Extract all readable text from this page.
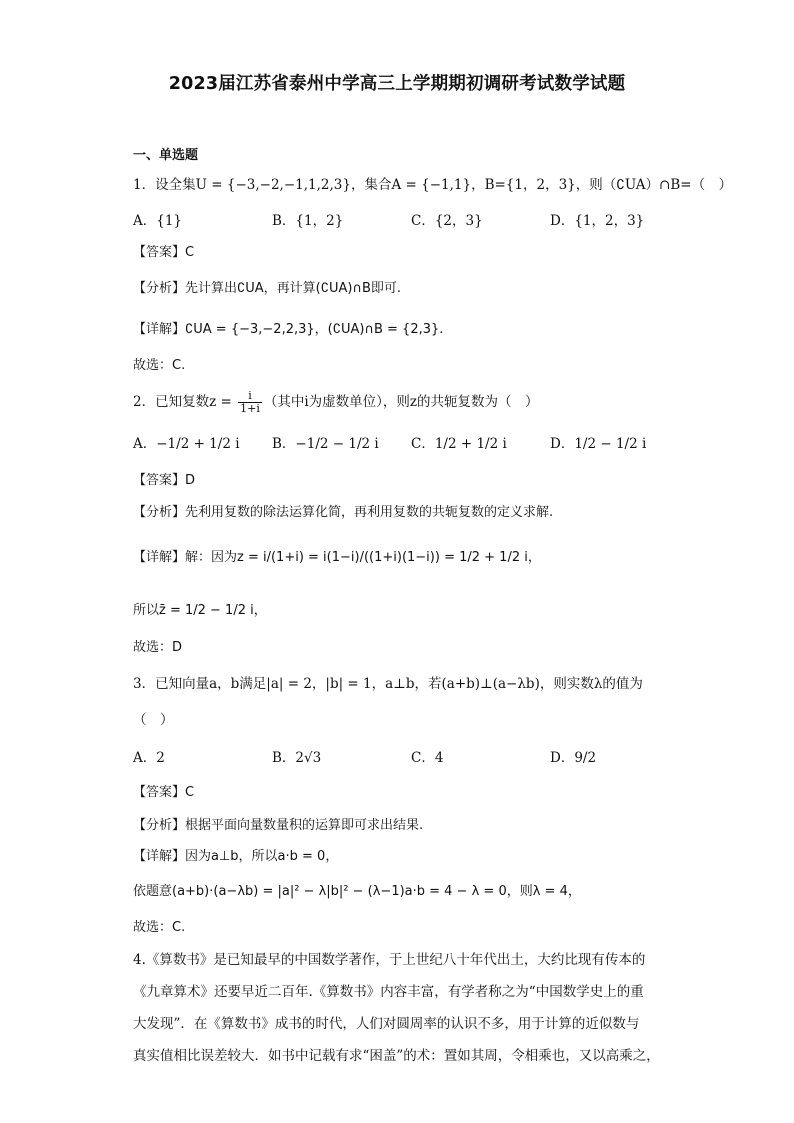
2023届江苏省泰州中学高三上学期期初调研考试数学试题
一、单选题
1．设全集U = {−3,−2,−1,1,2,3}，集合A = {−1,1}，B={1，2，3}，则（∁UA）∩B=（　）
A．{1}	B．{1，2}	C．{2，3}	D．{1，2，3}
【答案】C
【分析】先计算出∁UA，再计算(∁UA)∩B即可.
【详解】∁UA = {−3,−2,2,3}，(∁UA)∩B = {2,3}.
故选：C.
2．已知复数$z = \frac{i}{1+i}$ （其中i为虚数单位），则z的共轭复数为（　）
A．−1/2 + 1/2 i B．−1/2 − 1/2 i C．1/2 + 1/2 i	D．1/2 − 1/2 i
【答案】D
【分析】先利用复数的除法运算化简，再利用复数的共轭复数的定义求解.
【详解】解：因为z = i/(1+i) = i(1−i)/((1+i)(1−i)) = 1/2 + 1/2 i，
所以z̄ = 1/2 − 1/2 i，
故选：D
3．已知向量a，b满足|a| = 2，|b| = 1，a⊥b，若(a+b)⊥(a−λb)，则实数λ的值为
（　）
A．2	B．2√3	C．4	D．9/2
【答案】C
【分析】根据平面向量数量积的运算即可求出结果.
【详解】因为a⊥b，所以a·b = 0，
依题意(a+b)·(a−λb) = |a|² − λ|b|² − (λ−1)a·b = 4 − λ = 0，则λ = 4，
故选：C.
4.《算数书》是已知最早的中国数学著作，于上世纪八十年代出土，大约比现有传本的
《九章算术》还要早近二百年.《算数书》内容丰富，有学者称之为“中国数学史上的重
大发现”．在《算数书》成书的时代，人们对圆周率的认识不多，用于计算的近似数与
真实值相比误差较大．如书中记载有求“困盖”的术：置如其周，令相乘也，又以高乘之，
